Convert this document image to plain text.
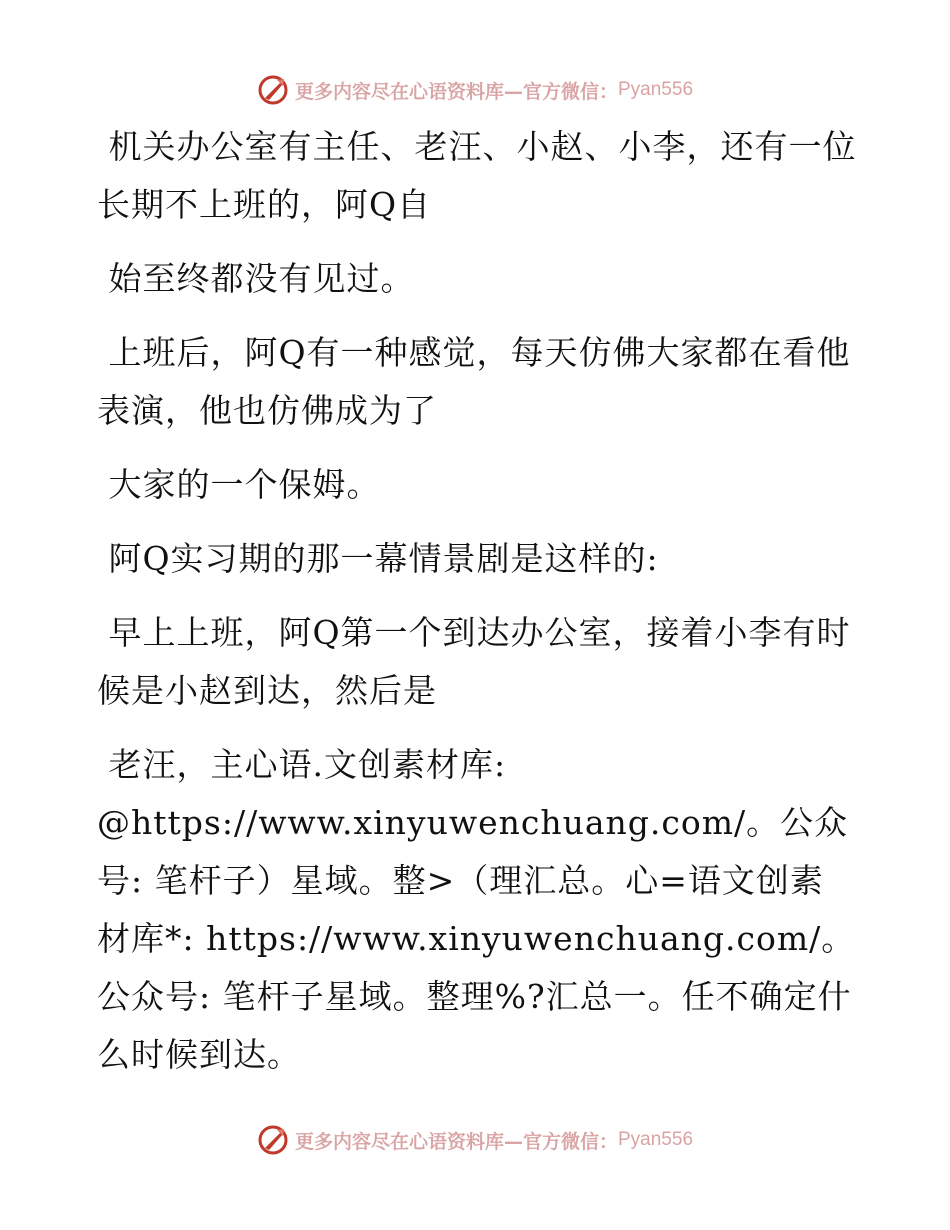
更多内容尽在心语资料库—官方微信： Pyan556

机关办公室有主任、老汪、小赵、小李，还有一位长期不上班的，阿Q自

始至终都没有见过。

上班后，阿Q有一种感觉，每天仿佛大家都在看他表演，他也仿佛成为了

大家的一个保姆。

阿Q实习期的那一幕情景剧是这样的:

早上上班，阿Q第一个到达办公室，接着小李有时候是小赵到达，然后是

老汪，主心语.文创素材库: @https://www.xinyuwenchuang.com/。公众号: 笔杆子）星域。整>（理汇总。心=语文创素材库*: https://www.xinyuwenchuang.com/。公众号: 笔杆子星域。整理%?汇总一。任不确定什么时候到达。

更多内容尽在心语资料库—官方微信： Pyan556
